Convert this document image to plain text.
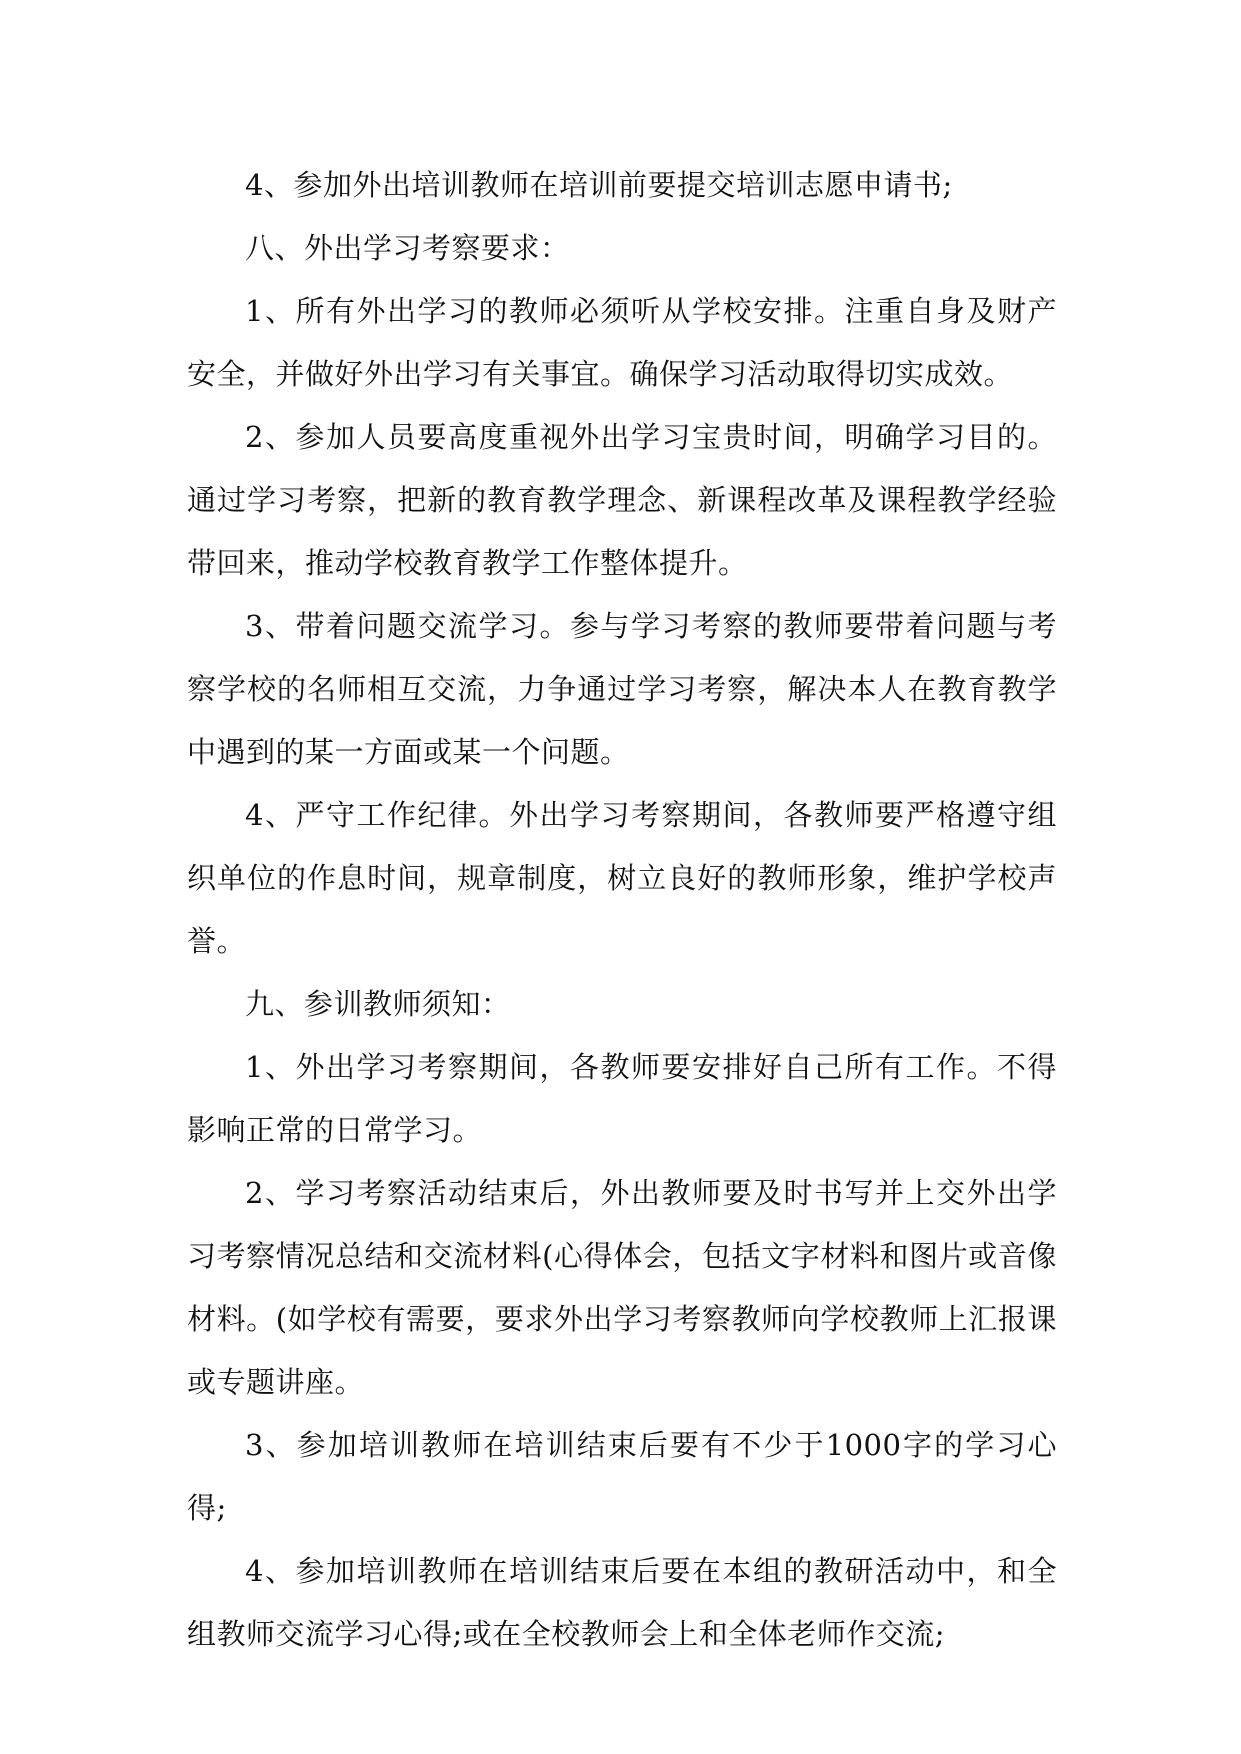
4、参加外出培训教师在培训前要提交培训志愿申请书;

八、外出学习考察要求：

1、所有外出学习的教师必须听从学校安排。注重自身及财产安全，并做好外出学习有关事宜。确保学习活动取得切实成效。

2、参加人员要高度重视外出学习宝贵时间，明确学习目的。通过学习考察，把新的教育教学理念、新课程改革及课程教学经验带回来，推动学校教育教学工作整体提升。

3、带着问题交流学习。参与学习考察的教师要带着问题与考察学校的名师相互交流，力争通过学习考察，解决本人在教育教学中遇到的某一方面或某一个问题。

4、严守工作纪律。外出学习考察期间，各教师要严格遵守组织单位的作息时间，规章制度，树立良好的教师形象，维护学校声誉。

九、参训教师须知：

1、外出学习考察期间，各教师要安排好自己所有工作。不得影响正常的日常学习。

2、学习考察活动结束后，外出教师要及时书写并上交外出学习考察情况总结和交流材料(心得体会，包括文字材料和图片或音像材料。(如学校有需要，要求外出学习考察教师向学校教师上汇报课或专题讲座。

3、参加培训教师在培训结束后要有不少于1000字的学习心得;

4、参加培训教师在培训结束后要在本组的教研活动中，和全组教师交流学习心得;或在全校教师会上和全体老师作交流;
